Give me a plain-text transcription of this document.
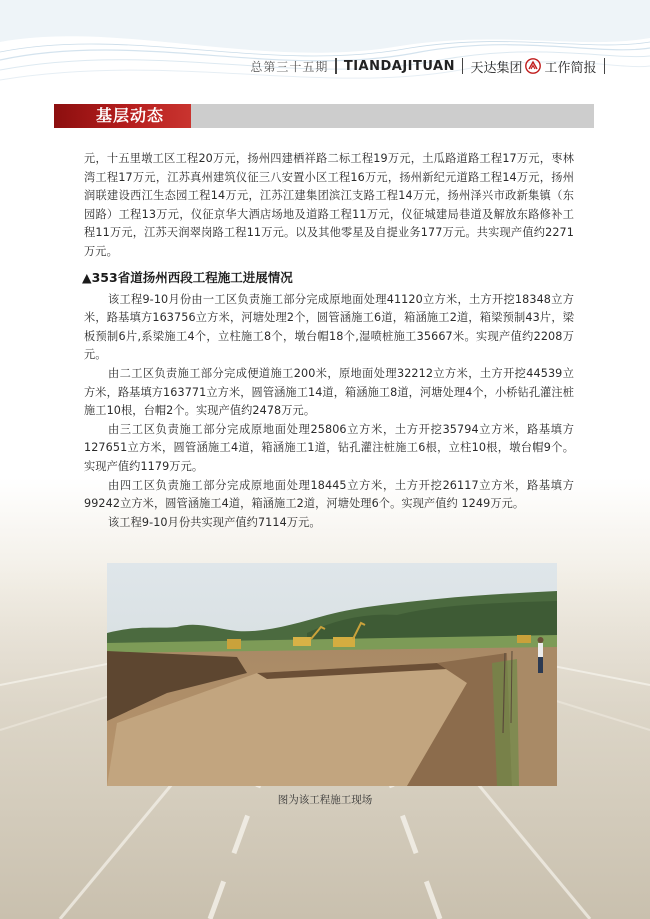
总第三十五期 TIANDAJITUAN 天达集团 工作简报
基层动态

元，十五里墩工区工程20万元，扬州四建栖祥路二标工程19万元，土瓜路道路工程17万元，枣林湾工程17万元，江苏真州建筑仪征三八安置小区工程16万元，扬州新纪元道路工程14万元，扬州润联建设西江生态园工程14万元，江苏江建集团滨江支路工程14万元，扬州泽兴市政新集镇（东园路）工程13万元，仪征京华大酒店场地及道路工程11万元，仪征城建局巷道及解放东路修补工程11万元，江苏天润翠岗路工程11万元。以及其他零星及自提业务177万元。共实现产值约2271万元。

▲353省道扬州西段工程施工进展情况

该工程9-10月份由一工区负责施工部分完成原地面处理41120立方米，土方开挖18348立方米，路基填方163756立方米，河塘处理2个，圆管涵施工6道，箱涵施工2道，箱梁预制43片，梁板预制6片,系梁施工4个，立柱施工8个，墩台帽18个,湿喷桩施工35667米。实现产值约2208万元。

由二工区负责施工部分完成便道施工200米，原地面处理32212立方米，土方开挖44539立方米，路基填方163771立方米，圆管涵施工14道，箱涵施工8道，河塘处理4个，小桥钻孔灌注桩施工10根，台帽2个。实现产值约2478万元。

由三工区负责施工部分完成原地面处理25806立方米，土方开挖35794立方米，路基填方127651立方米，圆管涵施工4道，箱涵施工1道，钻孔灌注桩施工6根，立柱10根，墩台帽9个。实现产值约1179万元。

由四工区负责施工部分完成原地面处理18445立方米，土方开挖26117立方米，路基填方99242立方米，圆管涵施工4道，箱涵施工2道，河塘处理6个。实现产值约 1249万元。

该工程9-10月份共实现产值约7114万元。

图为该工程施工现场
